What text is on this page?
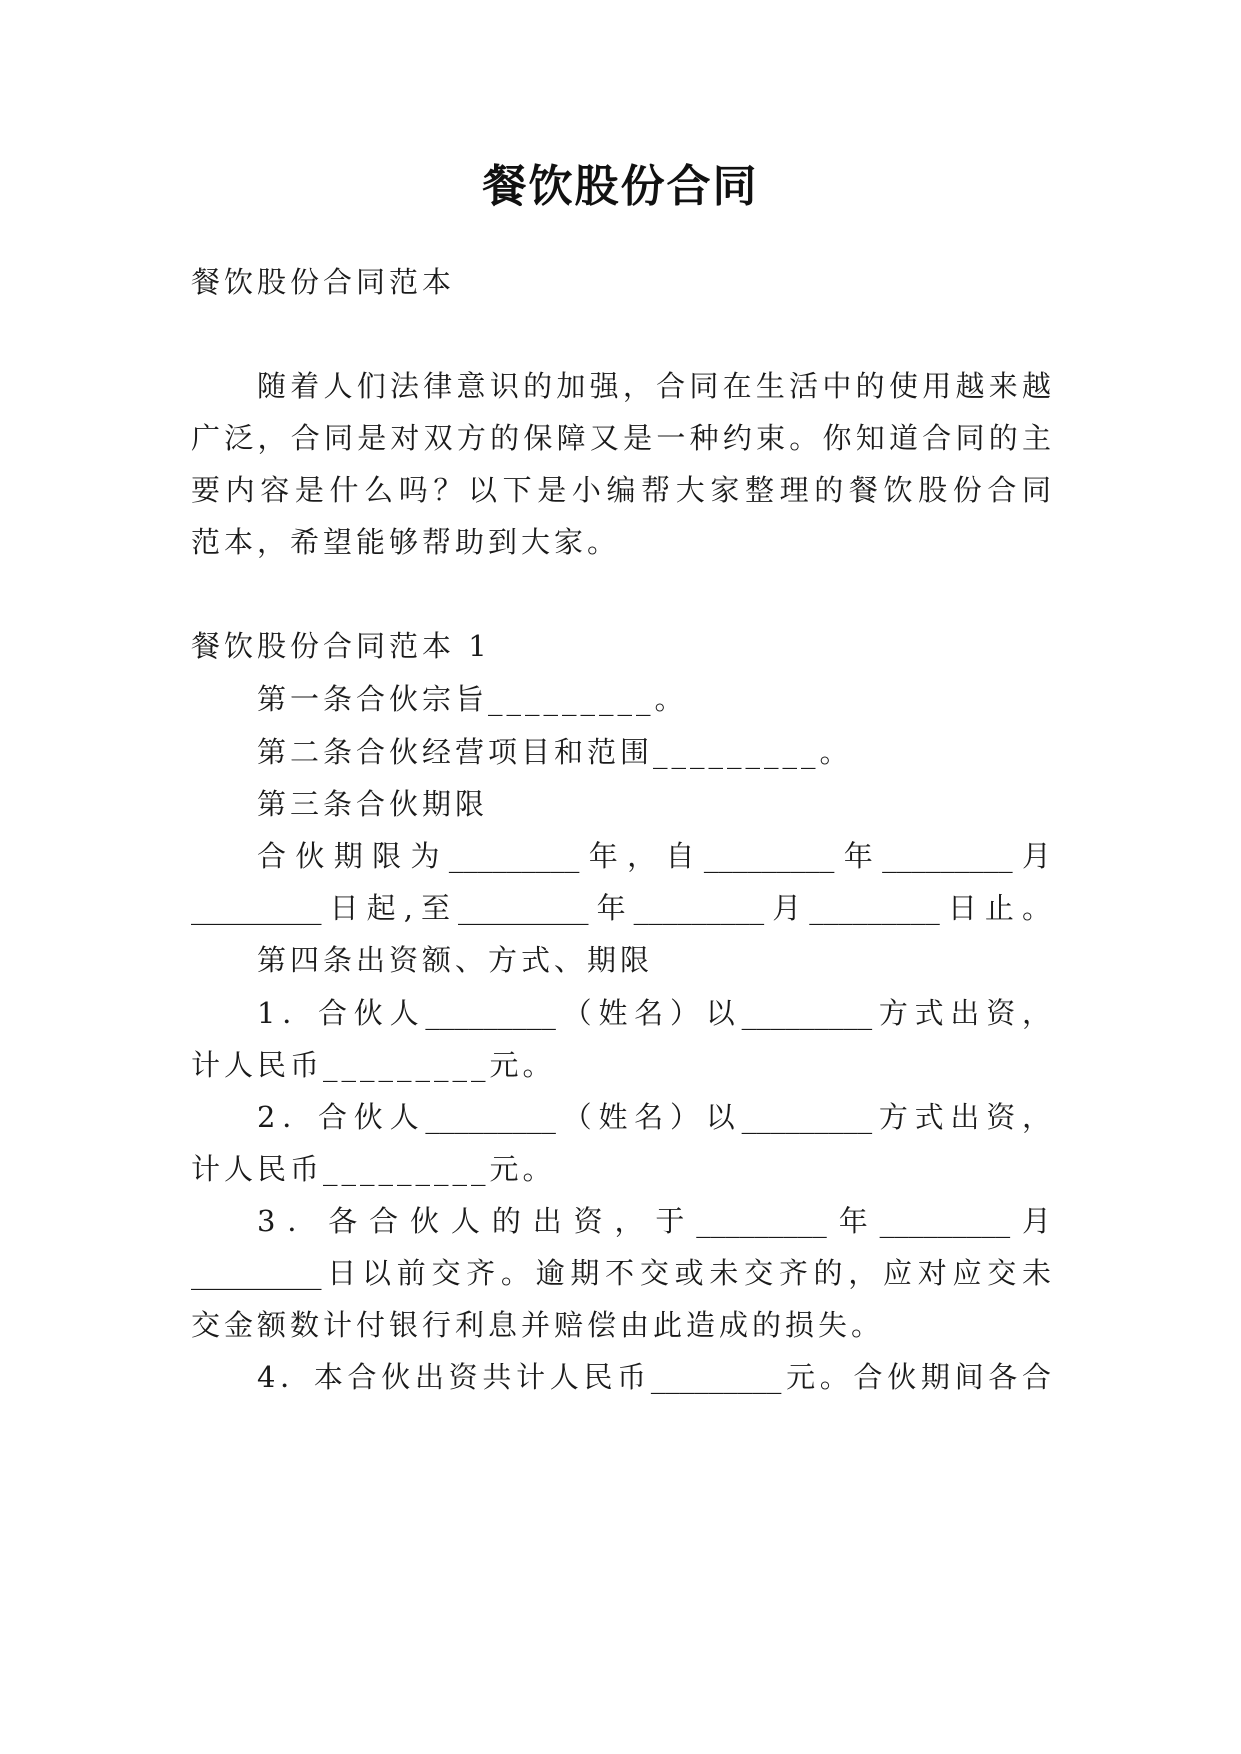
餐饮股份合同
餐饮股份合同范本
随着人们法律意识的加强，合同在生活中的使用越来越
广泛，合同是对双方的保障又是一种约束。你知道合同的主
要内容是什么吗？以下是小编帮大家整理的餐饮股份合同
范本，希望能够帮助到大家。
餐饮股份合同范本 1
第一条合伙宗旨_________。
第二条合伙经营项目和范围_________。
第三条合伙期限
合伙期限为_________年，自_________年_________月
_________日起,至_________年_________月_________日止。
第四条出资额、方式、期限
1．合伙人_________（姓名）以_________方式出资，
计人民币_________元。
2．合伙人_________（姓名）以_________方式出资，
计人民币_________元。
3．各合伙人的出资，于_________年_________月
_________日以前交齐。逾期不交或未交齐的，应对应交未
交金额数计付银行利息并赔偿由此造成的损失。
4．本合伙出资共计人民币_________元。合伙期间各合
